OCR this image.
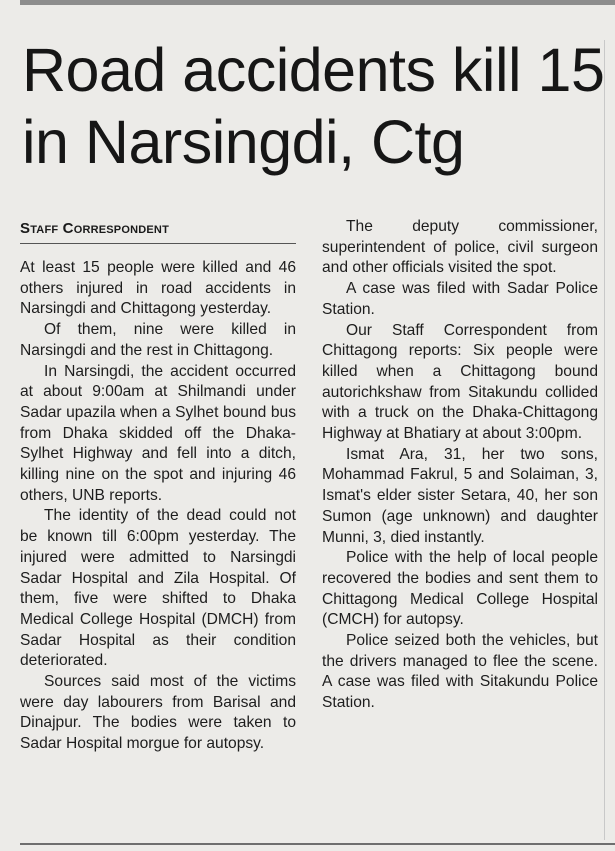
Road accidents kill 15 in Narsingdi, Ctg
Staff Correspondent

At least 15 people were killed and 46 others injured in road accidents in Narsingdi and Chittagong yesterday.

Of them, nine were killed in Narsingdi and the rest in Chittagong.

In Narsingdi, the accident occurred at about 9:00am at Shilmandi under Sadar upazila when a Sylhet bound bus from Dhaka skidded off the Dhaka-Sylhet Highway and fell into a ditch, killing nine on the spot and injuring 46 others, UNB reports.

The identity of the dead could not be known till 6:00pm yesterday. The injured were admitted to Narsingdi Sadar Hospital and Zila Hospital. Of them, five were shifted to Dhaka Medical College Hospital (DMCH) from Sadar Hospital as their condition deteriorated.

Sources said most of the victims were day labourers from Barisal and Dinajpur. The bodies were taken to Sadar Hospital morgue for autopsy.

The deputy commissioner, superintendent of police, civil surgeon and other officials visited the spot.

A case was filed with Sadar Police Station.

Our Staff Correspondent from Chittagong reports: Six people were killed when a Chittagong bound autorichkshaw from Sitakundu collided with a truck on the Dhaka-Chittagong Highway at Bhatiary at about 3:00pm.

Ismat Ara, 31, her two sons, Mohammad Fakrul, 5 and Solaiman, 3, Ismat's elder sister Setara, 40, her son Sumon (age unknown) and daughter Munni, 3, died instantly.

Police with the help of local people recovered the bodies and sent them to Chittagong Medical College Hospital (CMCH) for autopsy.

Police seized both the vehicles, but the drivers managed to flee the scene. A case was filed with Sitakundu Police Station.
